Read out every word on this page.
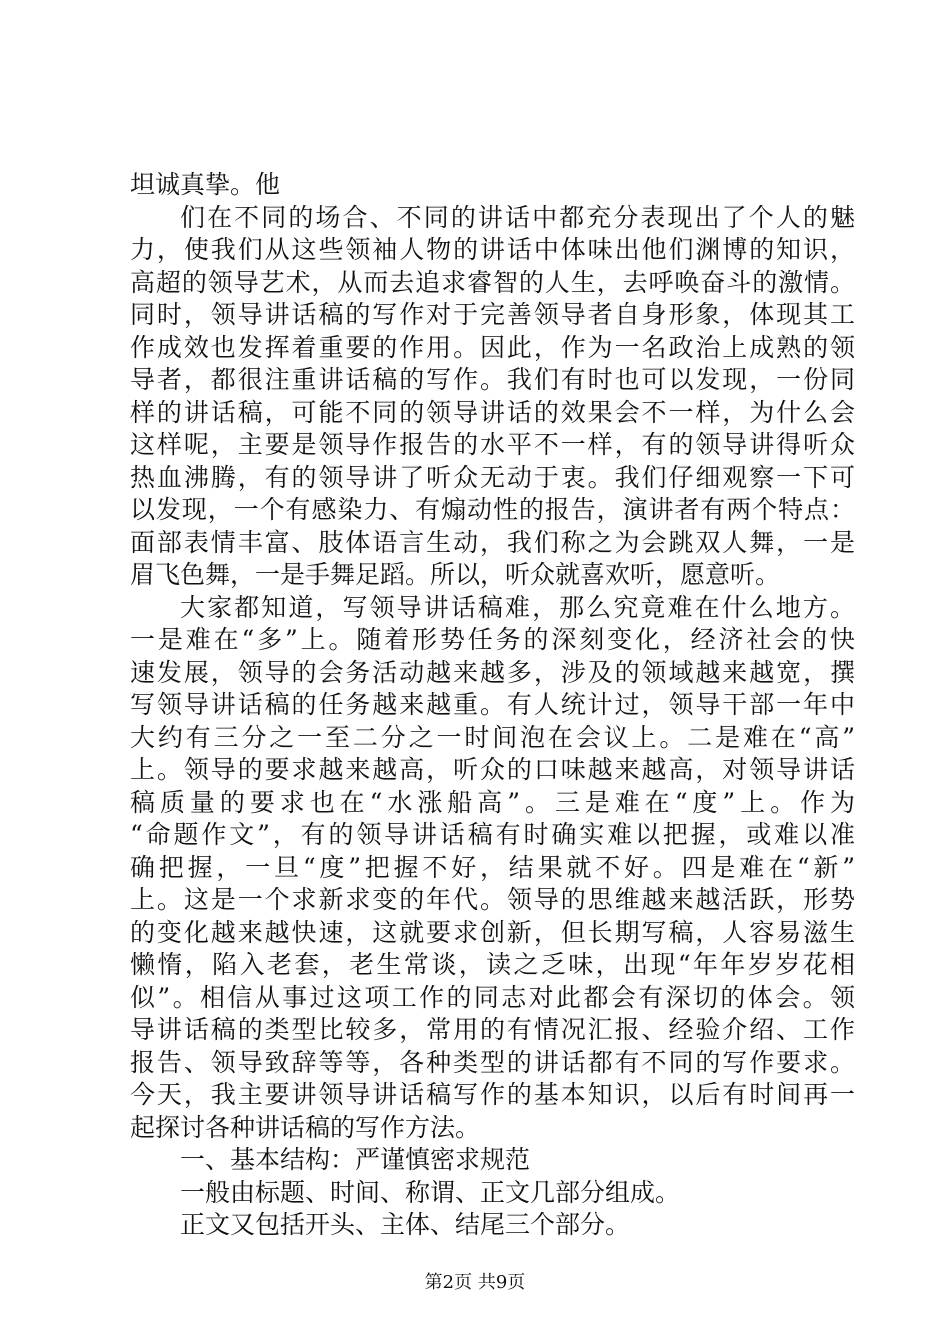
坦诚真挚。他
们在不同的场合、不同的讲话中都充分表现出了个人的魅
力，使我们从这些领袖人物的讲话中体味出他们渊博的知识，
高超的领导艺术，从而去追求睿智的人生，去呼唤奋斗的激情。
同时，领导讲话稿的写作对于完善领导者自身形象，体现其工
作成效也发挥着重要的作用。因此，作为一名政治上成熟的领
导者，都很注重讲话稿的写作。我们有时也可以发现，一份同
样的讲话稿，可能不同的领导讲话的效果会不一样，为什么会
这样呢，主要是领导作报告的水平不一样，有的领导讲得听众
热血沸腾，有的领导讲了听众无动于衷。我们仔细观察一下可
以发现，一个有感染力、有煽动性的报告，演讲者有两个特点：
面部表情丰富、肢体语言生动，我们称之为会跳双人舞，一是
眉飞色舞，一是手舞足蹈。所以，听众就喜欢听，愿意听。
大家都知道，写领导讲话稿难，那么究竟难在什么地方。
一是难在“多”上。随着形势任务的深刻变化，经济社会的快
速发展，领导的会务活动越来越多，涉及的领域越来越宽，撰
写领导讲话稿的任务越来越重。有人统计过，领导干部一年中
大约有三分之一至二分之一时间泡在会议上。二是难在“高”
上。领导的要求越来越高，听众的口味越来越高，对领导讲话
稿质量的要求也在“水涨船高”。三是难在“度”上。作为
“命题作文”，有的领导讲话稿有时确实难以把握，或难以准
确把握，一旦“度”把握不好，结果就不好。四是难在“新”
上。这是一个求新求变的年代。领导的思维越来越活跃，形势
的变化越来越快速，这就要求创新，但长期写稿，人容易滋生
懒惰，陷入老套，老生常谈，读之乏味，出现“年年岁岁花相
似”。相信从事过这项工作的同志对此都会有深切的体会。领
导讲话稿的类型比较多，常用的有情况汇报、经验介绍、工作
报告、领导致辞等等，各种类型的讲话都有不同的写作要求。
今天，我主要讲领导讲话稿写作的基本知识，以后有时间再一
起探讨各种讲话稿的写作方法。
一、基本结构：严谨慎密求规范
一般由标题、时间、称谓、正文几部分组成。
正文又包括开头、主体、结尾三个部分。
第2页 共9页
